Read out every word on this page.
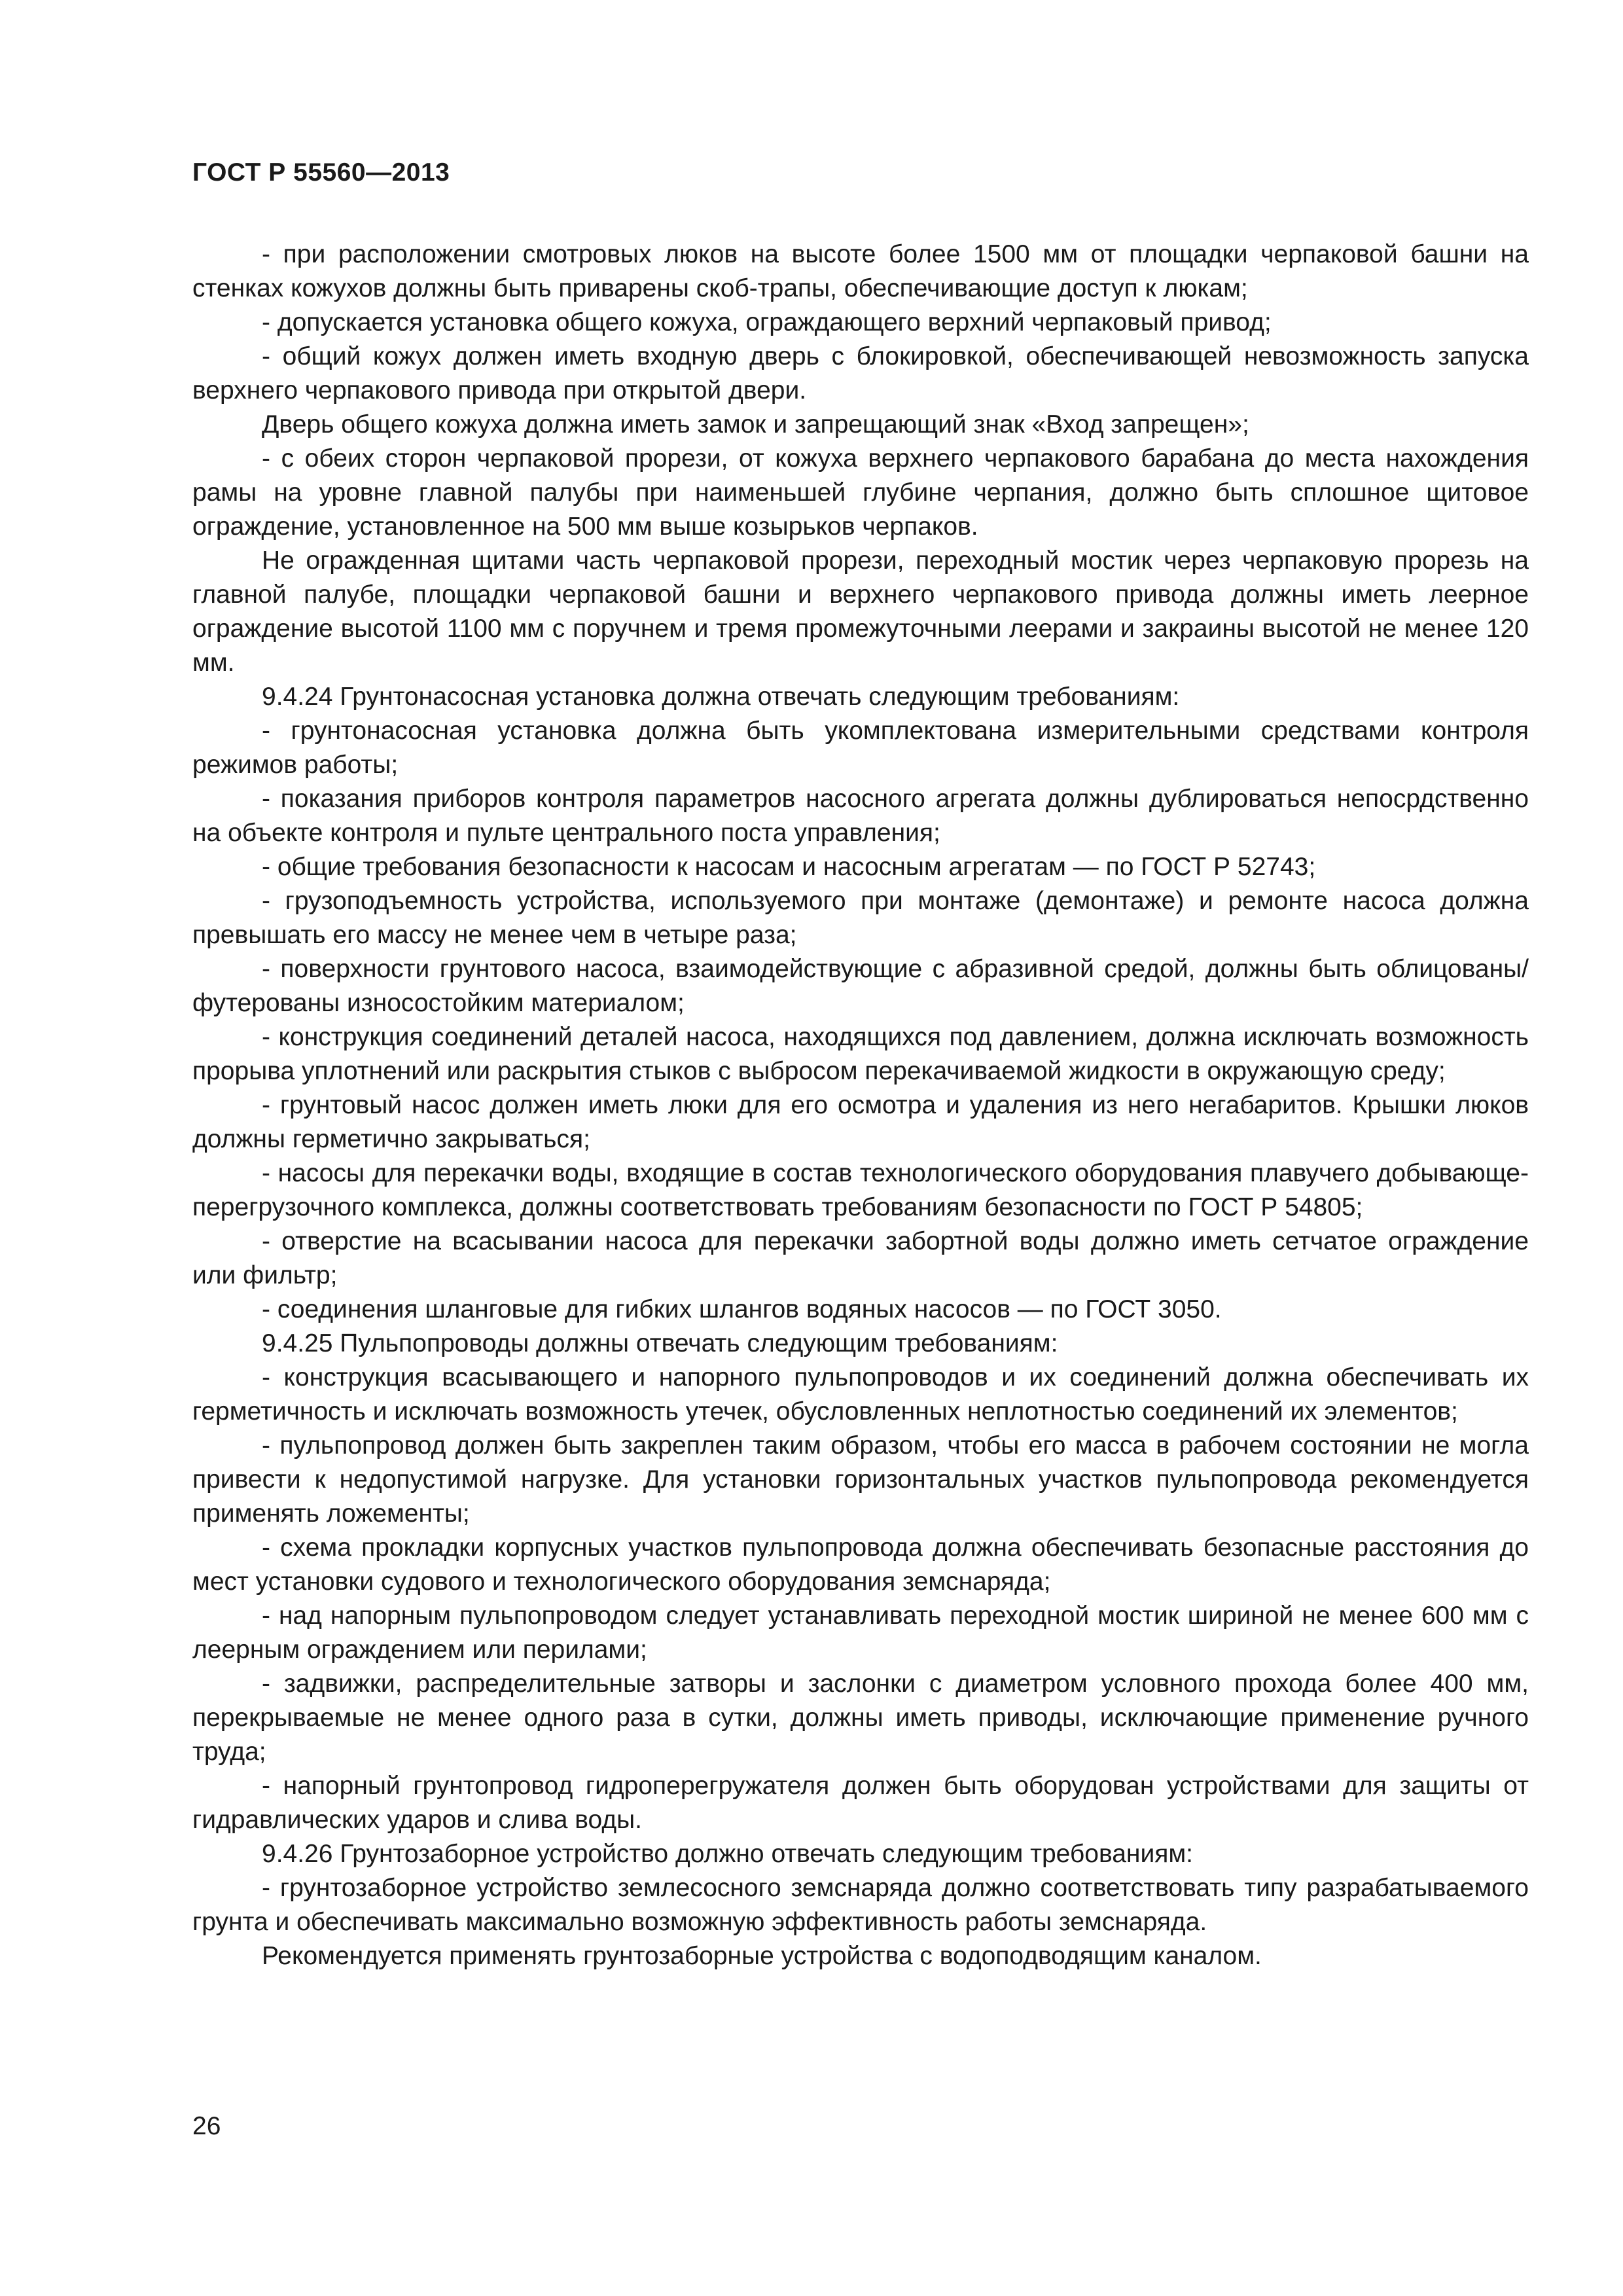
ГОСТ Р 55560—2013

- при расположении смотровых люков на высоте более 1500 мм от площадки черпаковой башни на стенках кожухов должны быть приварены скоб-трапы, обеспечивающие доступ к люкам;

- допускается установка общего кожуха, ограждающего верхний черпаковый привод;

- общий кожух должен иметь входную дверь с блокировкой, обеспечивающей невозможность запуска верхнего черпакового привода при открытой двери.

Дверь общего кожуха должна иметь замок и запрещающий знак «Вход запрещен»;

- с обеих сторон черпаковой прорези, от кожуха верхнего черпакового барабана до места нахождения рамы на уровне главной палубы при наименьшей глубине черпания, должно быть сплошное щитовое ограждение, установленное на 500 мм выше козырьков черпаков.

Не огражденная щитами часть черпаковой прорези, переходный мостик через черпаковую прорезь на главной палубе, площадки черпаковой башни и верхнего черпакового привода должны иметь леерное ограждение высотой 1100 мм с поручнем и тремя промежуточными леерами и закраины высотой не менее 120 мм.

9.4.24 Грунтонасосная установка должна отвечать следующим требованиям:

- грунтонасосная установка должна быть укомплектована измерительными средствами контроля режимов работы;

- показания приборов контроля параметров насосного агрегата должны дублироваться непосрдственно на объекте контроля и пульте центрального поста управления;

- общие требования безопасности к насосам и насосным агрегатам — по ГОСТ Р 52743;

- грузоподъемность устройства, используемого при монтаже (демонтаже) и ремонте насоса должна превышать его массу не менее чем в четыре раза;

- поверхности грунтового насоса, взаимодействующие с абразивной средой, должны быть облицованы/футерованы износостойким материалом;

- конструкция соединений деталей насоса, находящихся под давлением, должна исключать возможность прорыва уплотнений или раскрытия стыков с выбросом перекачиваемой жидкости в окружающую среду;

- грунтовый насос должен иметь люки для его осмотра и удаления из него негабаритов. Крышки люков должны герметично закрываться;

- насосы для перекачки воды, входящие в состав технологического оборудования плавучего добывающе-перегрузочного комплекса, должны соответствовать требованиям безопасности по ГОСТ Р 54805;

- отверстие на всасывании насоса для перекачки забортной воды должно иметь сетчатое ограждение или фильтр;

- соединения шланговые для гибких шлангов водяных насосов — по ГОСТ 3050.

9.4.25 Пульпопроводы должны отвечать следующим требованиям:

- конструкция всасывающего и напорного пульпопроводов и их соединений должна обеспечивать их герметичность и исключать возможность утечек, обусловленных неплотностью соединений их элементов;

- пульпопровод должен быть закреплен таким образом, чтобы его масса в рабочем состоянии не могла привести к недопустимой нагрузке. Для установки горизонтальных участков пульпопровода рекомендуется применять ложементы;

- схема прокладки корпусных участков пульпопровода должна обеспечивать безопасные расстояния до мест установки судового и технологического оборудования земснаряда;

- над напорным пульпопроводом следует устанавливать переходной мостик шириной не менее 600 мм с леерным ограждением или перилами;

- задвижки, распределительные затворы и заслонки с диаметром условного прохода более 400 мм, перекрываемые не менее одного раза в сутки, должны иметь приводы, исключающие применение ручного труда;

- напорный грунтопровод гидроперегружателя должен быть оборудован устройствами для защиты от гидравлических ударов и слива воды.

9.4.26 Грунтозаборное устройство должно отвечать следующим требованиям:

- грунтозаборное устройство землесосного земснаряда должно соответствовать типу разрабатываемого грунта и обеспечивать максимально возможную эффективность работы земснаряда.

Рекомендуется применять грунтозаборные устройства с водоподводящим каналом.

26
